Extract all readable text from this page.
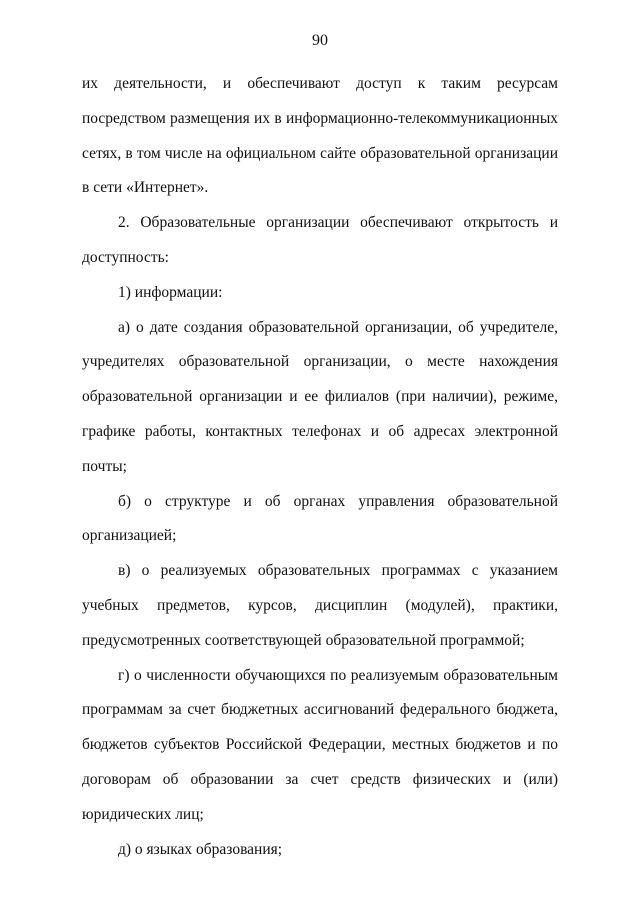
90

их деятельности, и обеспечивают доступ к таким ресурсам посредством размещения их в информационно-телекоммуникационных сетях, в том числе на официальном сайте образовательной организации в сети «Интернет».

2. Образовательные организации обеспечивают открытость и доступность:

1) информации:

а) о дате создания образовательной организации, об учредителе, учредителях образовательной организации, о месте нахождения образовательной организации и ее филиалов (при наличии), режиме, графике работы, контактных телефонах и об адресах электронной почты;

б) о структуре и об органах управления образовательной организацией;

в) о реализуемых образовательных программах с указанием учебных предметов, курсов, дисциплин (модулей), практики, предусмотренных соответствующей образовательной программой;

г) о численности обучающихся по реализуемым образовательным программам за счет бюджетных ассигнований федерального бюджета, бюджетов субъектов Российской Федерации, местных бюджетов и по договорам об образовании за счет средств физических и (или) юридических лиц;

д) о языках образования;
